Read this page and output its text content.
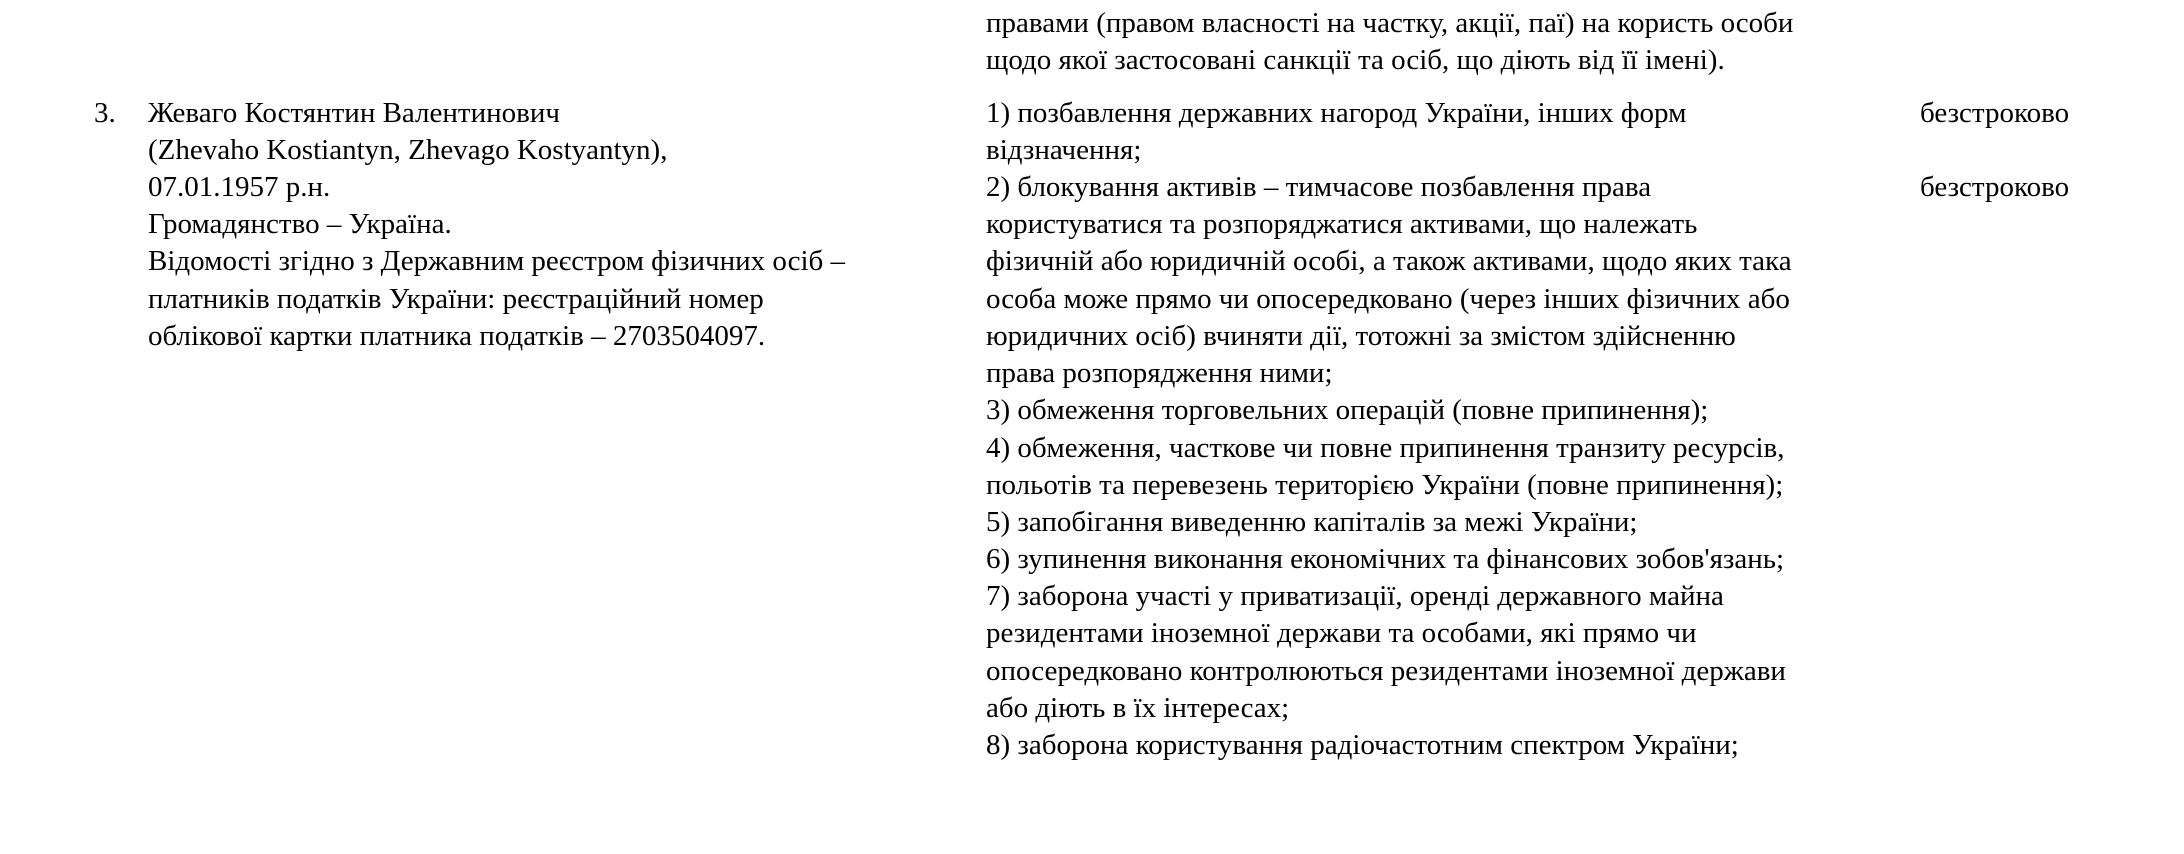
правами (правом власності на частку, акції, паї) на користь особи
щодо якої застосовані санкції та осіб, що діють від її імені).
3. Жеваго Костянтин Валентинович
(Zhevaho Kostiantyn, Zhevago Kostyantyn),
07.01.1957 р.н.
Громадянство – Україна.
Відомості згідно з Державним реєстром фізичних осіб –
платників податків України: реєстраційний номер
облікової картки платника податків – 2703504097.
1) позбавлення державних нагород України, інших форм
відзначення;
2) блокування активів – тимчасове позбавлення права
користуватися та розпоряджатися активами, що належать
фізичній або юридичній особі, а також активами, щодо яких така
особа може прямо чи опосередковано (через інших фізичних або
юридичних осіб) вчиняти дії, тотожні за змістом здійсненню
права розпорядження ними;
3) обмеження торговельних операцій (повне припинення);
4) обмеження, часткове чи повне припинення транзиту ресурсів,
польотів та перевезень територією України (повне припинення);
5) запобігання виведенню капіталів за межі України;
6) зупинення виконання економічних та фінансових зобов'язань;
7) заборона участі у приватизації, оренді державного майна
резидентами іноземної держави та особами, які прямо чи
опосередковано контролюються резидентами іноземної держави
або діють в їх інтересах;
8) заборона користування радіочастотним спектром України;
безстроково
безстроково
